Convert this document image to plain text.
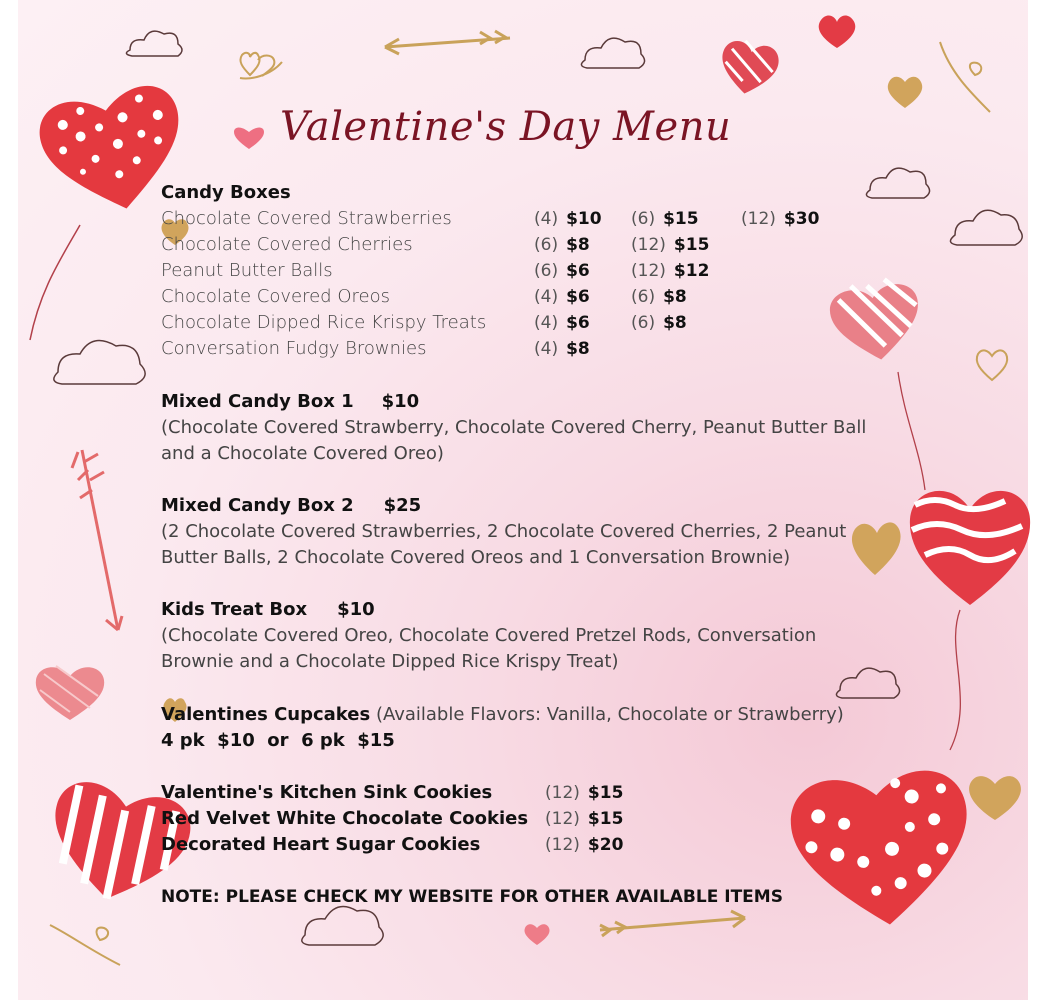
Valentine's Day Menu
Candy Boxes
Chocolate Covered Strawberries	(4) $10 (6) $15 (12) $30
Chocolate Covered Cherries	(6) $8 (12) $15
Peanut Butter Balls	(6) $6 (12) $12
Chocolate Covered Oreos	(4) $6 (6) $8
Chocolate Dipped Rice Krispy Treats	(4) $6 (6) $8
Conversation Fudgy Brownies	(4) $8
Mixed Candy Box 1 $10
(Chocolate Covered Strawberry, Chocolate Covered Cherry, Peanut Butter Ball
and a Chocolate Covered Oreo)
Mixed Candy Box 2 $25
(2 Chocolate Covered Strawberries, 2 Chocolate Covered Cherries, 2 Peanut
Butter Balls, 2 Chocolate Covered Oreos and 1 Conversation Brownie)
Kids Treat Box $10
(Chocolate Covered Oreo, Chocolate Covered Pretzel Rods, Conversation
Brownie and a Chocolate Dipped Rice Krispy Treat)
Valentines Cupcakes (Available Flavors: Vanilla, Chocolate or Strawberry)
4 pk  $10  or  6 pk  $15
Valentine's Kitchen Sink Cookies	(12) $15
Red Velvet White Chocolate Cookies (12) $15
Decorated Heart Sugar Cookies	(12) $20
NOTE: PLEASE CHECK MY WEBSITE FOR OTHER AVAILABLE ITEMS
